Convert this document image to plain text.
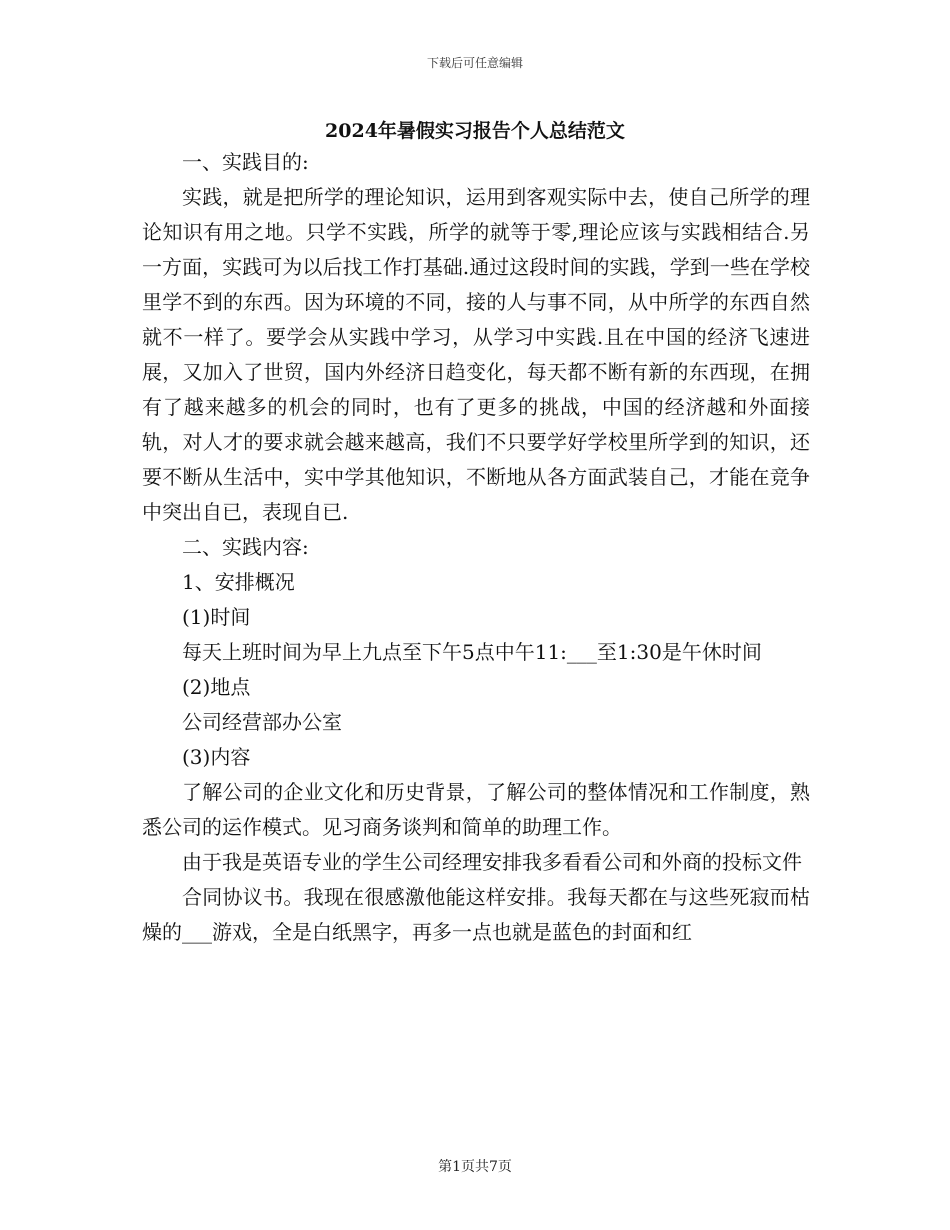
下载后可任意编辑
2024年暑假实习报告个人总结范文

一、实践目的:

实践，就是把所学的理论知识，运用到客观实际中去，使自己所学的理论知识有用之地。只学不实践，所学的就等于零,理论应该与实践相结合.另一方面，实践可为以后找工作打基础.通过这段时间的实践，学到一些在学校里学不到的东西。因为环境的不同，接的人与事不同，从中所学的东西自然就不一样了。要学会从实践中学习，从学习中实践.且在中国的经济飞速进展，又加入了世贸，国内外经济日趋变化，每天都不断有新的东西现，在拥有了越来越多的机会的同时，也有了更多的挑战，中国的经济越和外面接轨，对人才的要求就会越来越高，我们不只要学好学校里所学到的知识，还要不断从生活中，实中学其他知识，不断地从各方面武装自己，才能在竞争中突出自已，表现自已.

二、实践内容:

1、安排概况

(1)时间

每天上班时间为早上九点至下午5点中午11:___至1:30是午休时间

(2)地点

公司经营部办公室

(3)内容

了解公司的企业文化和历史背景，了解公司的整体情况和工作制度，熟悉公司的运作模式。见习商务谈判和简单的助理工作。

由于我是英语专业的学生公司经理安排我多看看公司和外商的投标文件

合同协议书。我现在很感激他能这样安排。我每天都在与这些死寂而枯燥的___游戏，全是白纸黑字，再多一点也就是蓝色的封面和红

第1页共7页
